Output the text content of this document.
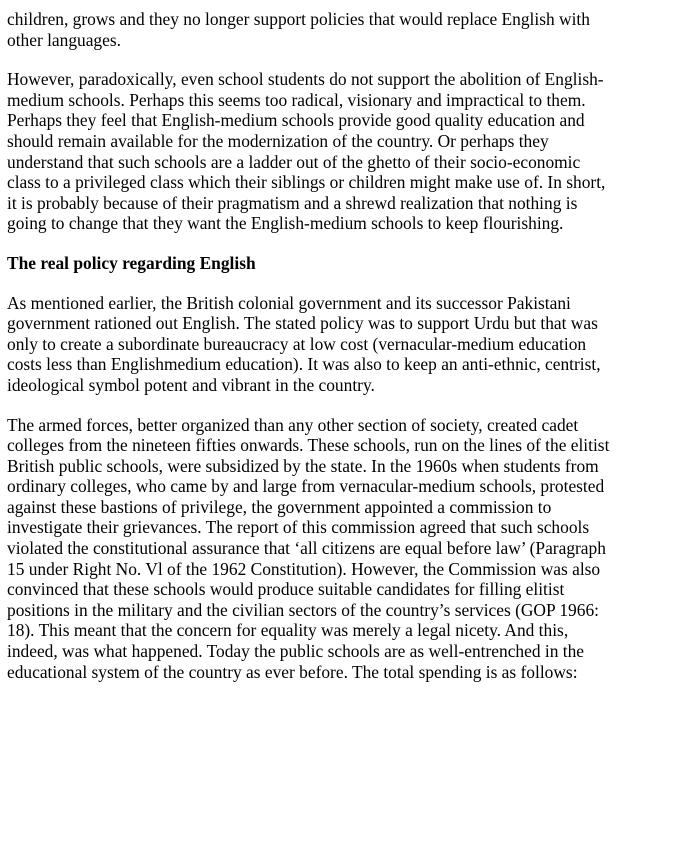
children, grows and they no longer support policies that would replace English with
other languages.
However, paradoxically, even school students do not support the abolition of English-
medium schools. Perhaps this seems too radical, visionary and impractical to them.
Perhaps they feel that English-medium schools provide good quality education and
should remain available for the modernization of the country. Or perhaps they
understand that such schools are a ladder out of the ghetto of their socio-economic
class to a privileged class which their siblings or children might make use of. In short,
it is probably because of their pragmatism and a shrewd realization that nothing is
going to change that they want the English-medium schools to keep flourishing.
The real policy regarding English
As mentioned earlier, the British colonial government and its successor Pakistani
government rationed out English. The stated policy was to support Urdu but that was
only to create a subordinate bureaucracy at low cost (vernacular-medium education
costs less than Englishmedium education). It was also to keep an anti-ethnic, centrist,
ideological symbol potent and vibrant in the country.
The armed forces, better organized than any other section of society, created cadet
colleges from the nineteen fifties onwards. These schools, run on the lines of the elitist
British public schools, were subsidized by the state. In the 1960s when students from
ordinary colleges, who came by and large from vernacular-medium schools, protested
against these bastions of privilege, the government appointed a commission to
investigate their grievances. The report of this commission agreed that such schools
violated the constitutional assurance that ‘all citizens are equal before law’ (Paragraph
15 under Right No. Vl of the 1962 Constitution). However, the Commission was also
convinced that these schools would produce suitable candidates for filling elitist
positions in the military and the civilian sectors of the country’s services (GOP 1966:
18). This meant that the concern for equality was merely a legal nicety. And this,
indeed, was what happened. Today the public schools are as well-entrenched in the
educational system of the country as ever before. The total spending is as follows:
